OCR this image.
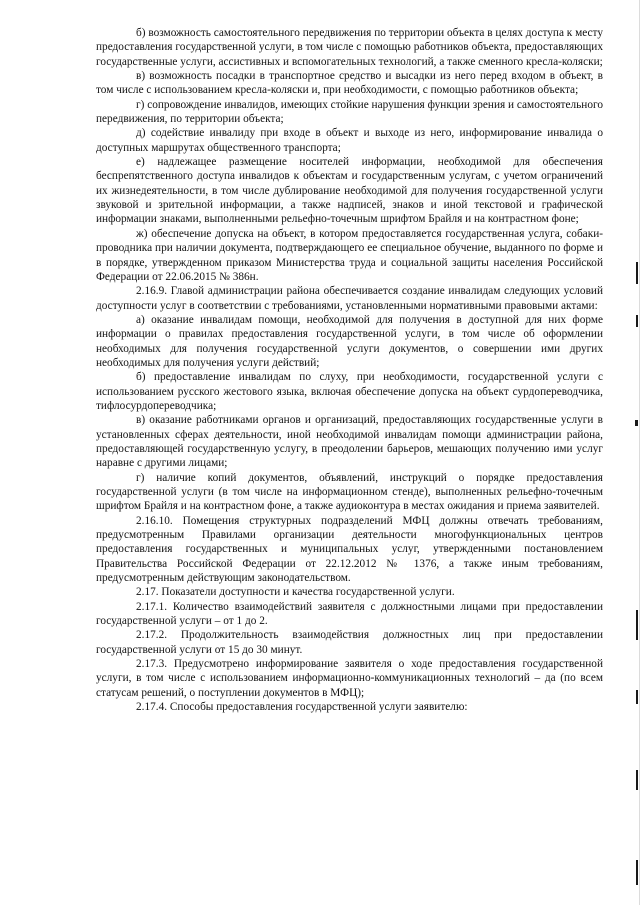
б) возможность самостоятельного передвижения по территории объекта в целях доступа к месту предоставления государственной услуги, в том числе с помощью работников объекта, предоставляющих государственные услуги, ассистивных и вспомогательных технологий, а также сменного кресла-коляски;

в) возможность посадки в транспортное средство и высадки из него перед входом в объект, в том числе с использованием кресла-коляски и, при необходимости, с помощью работников объекта;

г) сопровождение инвалидов, имеющих стойкие нарушения функции зрения и самостоятельного передвижения, по территории объекта;

д) содействие инвалиду при входе в объект и выходе из него, информирование инвалида о доступных маршрутах общественного транспорта;

е) надлежащее размещение носителей информации, необходимой для обеспечения беспрепятственного доступа инвалидов к объектам и государственным услугам, с учетом ограничений их жизнедеятельности, в том числе дублирование необходимой для получения государственной услуги звуковой и зрительной информации, а также надписей, знаков и иной текстовой и графической информации знаками, выполненными рельефно-точечным шрифтом Брайля и на контрастном фоне;

ж) обеспечение допуска на объект, в котором предоставляется государственная услуга, собаки-проводника при наличии документа, подтверждающего ее специальное обучение, выданного по форме и в порядке, утвержденном приказом Министерства труда и социальной защиты населения Российской Федерации от 22.06.2015 № 386н.

2.16.9. Главой администрации района обеспечивается создание инвалидам следующих условий доступности услуг в соответствии с требованиями, установленными нормативными правовыми актами:

а) оказание инвалидам помощи, необходимой для получения в доступной для них форме информации о правилах предоставления государственной услуги, в том числе об оформлении необходимых для получения государственной услуги документов, о совершении ими других необходимых для получения услуги действий;

б) предоставление инвалидам по слуху, при необходимости, государственной услуги с использованием русского жестового языка, включая обеспечение допуска на объект сурдопереводчика, тифлосурдопереводчика;

в) оказание работниками органов и организаций, предоставляющих государственные услуги в установленных сферах деятельности, иной необходимой инвалидам помощи администрации района, предоставляющей государственную услугу, в преодолении барьеров, мешающих получению ими услуг наравне с другими лицами;

г) наличие копий документов, объявлений, инструкций о порядке предоставления государственной услуги (в том числе на информационном стенде), выполненных рельефно-точечным шрифтом Брайля и на контрастном фоне, а также аудиоконтура в местах ожидания и приема заявителей.

2.16.10. Помещения структурных подразделений МФЦ должны отвечать требованиям, предусмотренным Правилами организации деятельности многофункциональных центров предоставления государственных и муниципальных услуг, утвержденными постановлением Правительства Российской Федерации от 22.12.2012 № 1376, а также иным требованиям, предусмотренным действующим законодательством.

2.17. Показатели доступности и качества государственной услуги.

2.17.1. Количество взаимодействий заявителя с должностными лицами при предоставлении государственной услуги – от 1 до 2.

2.17.2. Продолжительность взаимодействия должностных лиц при предоставлении государственной услуги от 15 до 30 минут.

2.17.3. Предусмотрено информирование заявителя о ходе предоставления государственной услуги, в том числе с использованием информационно-коммуникационных технологий – да (по всем статусам решений, о поступлении документов в МФЦ);

2.17.4. Способы предоставления государственной услуги заявителю:
